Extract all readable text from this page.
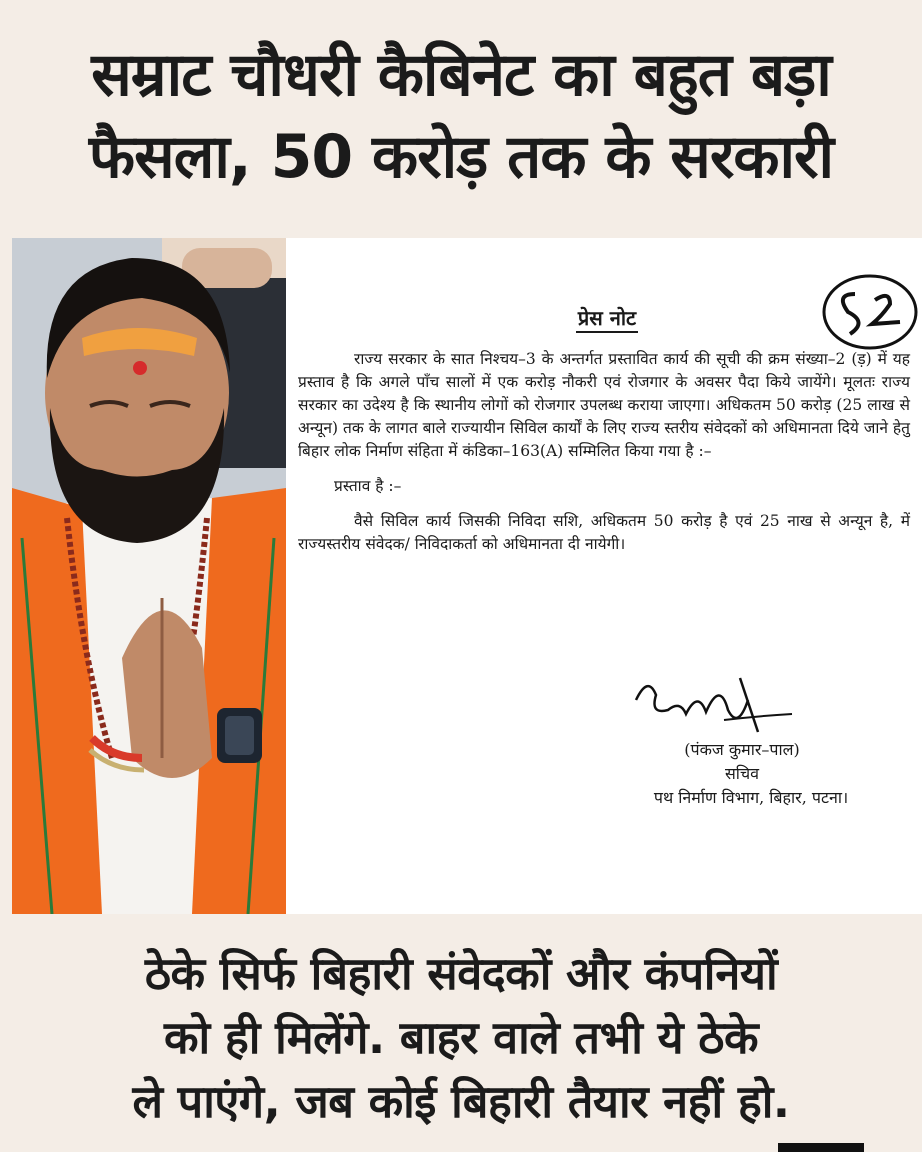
सम्राट चौधरी कैबिनेट का बहुत बड़ा
फैसला, 50 करोड़ तक के सरकारी
प्रेस नोट

राज्य सरकार के सात निश्चय–3 के अन्तर्गत प्रस्तावित कार्य की सूची की क्रम संख्या–2 (ड़) में यह प्रस्ताव है कि अगले पाँच सालों में एक करोड़ नौकरी एवं रोजगार के अवसर पैदा किये जायेंगे। मूलतः राज्य सरकार का उदेश्य है कि स्थानीय लोगों को रोजगार उपलब्ध कराया जाएगा। अधिकतम 50 करोड़ (25 लाख से अन्यून) तक के लागत बाले राज्यायीन सिविल कार्यों के लिए राज्य स्तरीय संवेदकों को अधिमानता दिये जाने हेतु बिहार लोक निर्माण संहिता में कंडिका–163(A) सम्मिलित किया गया है :–

प्रस्ताव है :–

वैसे सिविल कार्य जिसकी निविदा सशि, अधिकतम 50 करोड़ है एवं 25 नाख से अन्यून है, में राज्यस्तरीय संवेदक/ निविदाकर्ता को अधिमानता दी नायेगी।

(पंकज कुमार–पाल)
सचिव
पथ निर्माण विभाग, बिहार, पटना।
ठेके सिर्फ बिहारी संवेदकों और कंपनियों
को ही मिलेंगे. बाहर वाले तभी ये ठेके
ले पाएंगे, जब कोई बिहारी तैयार नहीं हो.
